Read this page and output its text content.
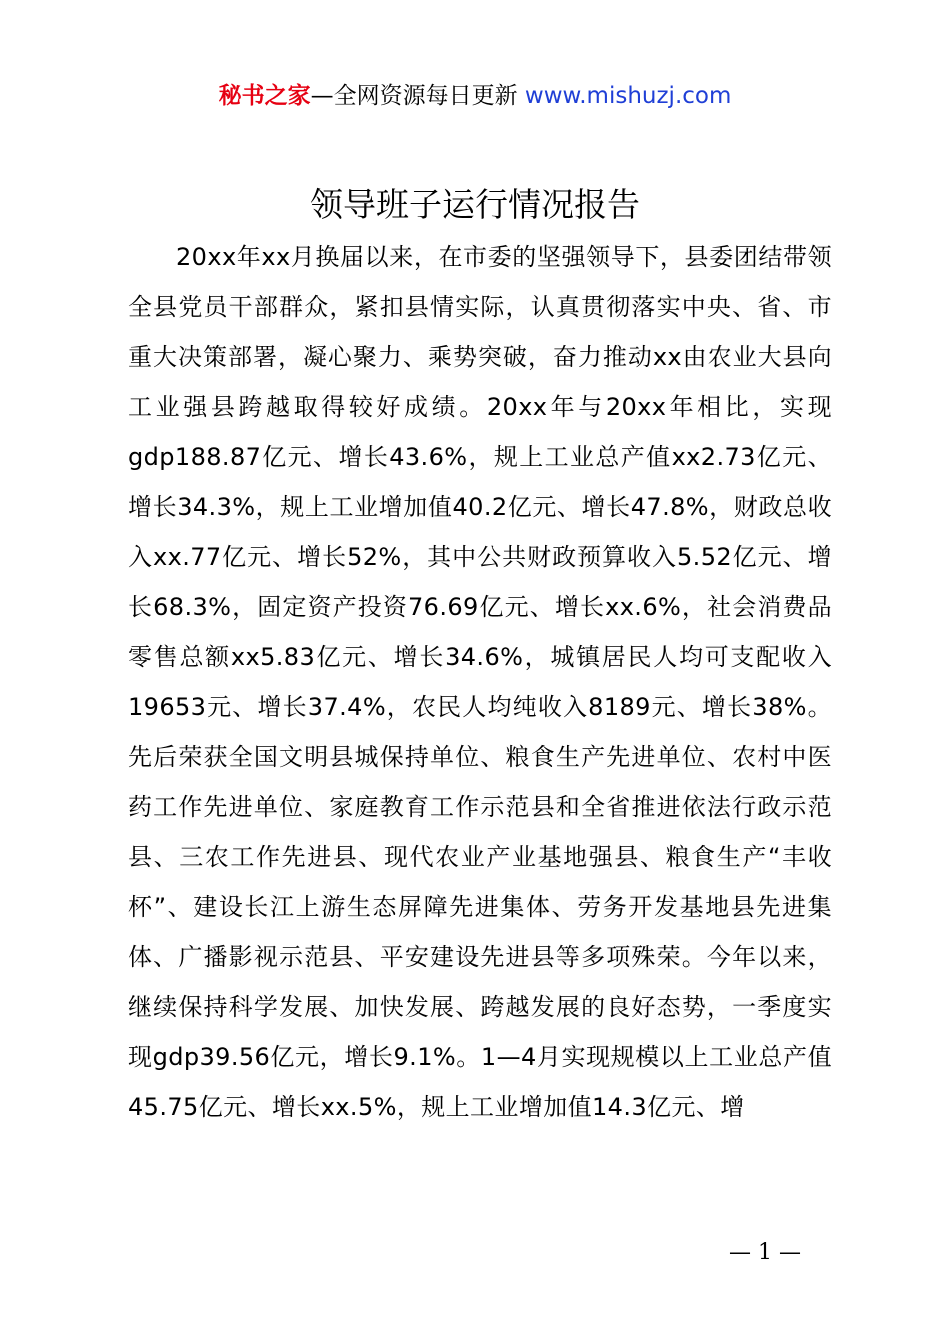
秘书之家—全网资源每日更新 www.mishuzj.com
领导班子运行情况报告

20xx年xx月换届以来，在市委的坚强领导下，县委团结带领全县党员干部群众，紧扣县情实际，认真贯彻落实中央、省、市重大决策部署，凝心聚力、乘势突破，奋力推动xx由农业大县向工业强县跨越取得较好成绩。20xx年与20xx年相比，实现gdp188.87亿元、增长43.6%，规上工业总产值xx2.73亿元、增长34.3%，规上工业增加值40.2亿元、增长47.8%，财政总收入xx.77亿元、增长52%，其中公共财政预算收入5.52亿元、增长68.3%，固定资产投资76.69亿元、增长xx.6%，社会消费品零售总额xx5.83亿元、增长34.6%，城镇居民人均可支配收入19653元、增长37.4%，农民人均纯收入8189元、增长38%。先后荣获全国文明县城保持单位、粮食生产先进单位、农村中医药工作先进单位、家庭教育工作示范县和全省推进依法行政示范县、三农工作先进县、现代农业产业基地强县、粮食生产“丰收杯”、建设长江上游生态屏障先进集体、劳务开发基地县先进集体、广播影视示范县、平安建设先进县等多项殊荣。今年以来，继续保持科学发展、加快发展、跨越发展的良好态势，一季度实现gdp39.56亿元，增长9.1%。1—4月实现规模以上工业总产值45.75亿元、增长xx.5%，规上工业增加值14.3亿元、增

— 1 —
